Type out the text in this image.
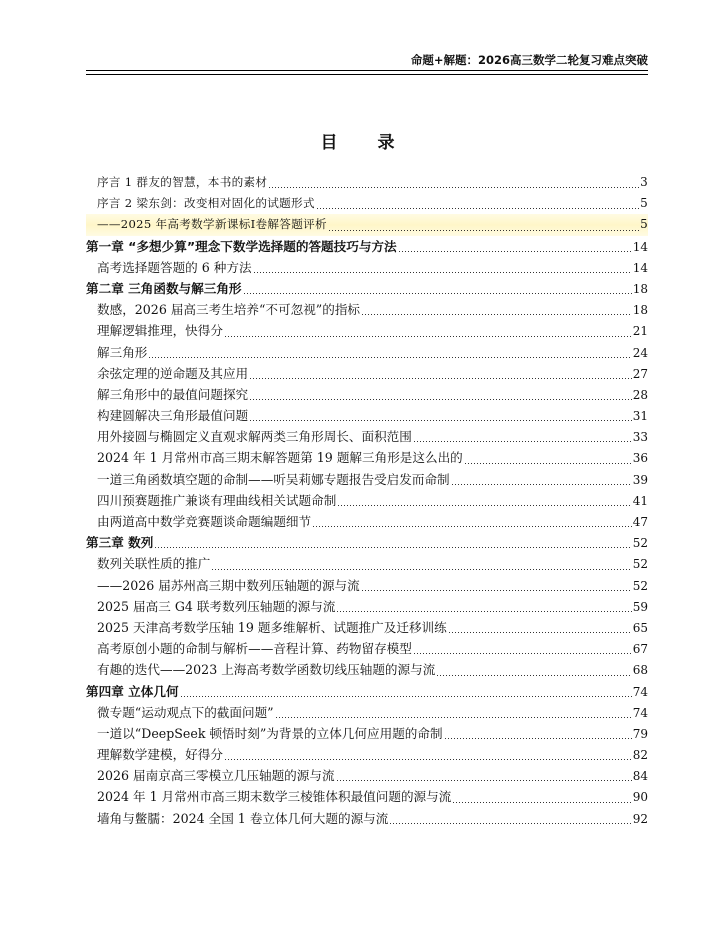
命题+解题：2026高三数学二轮复习难点突破
目录
序言 1 群友的智慧，本书的素材	3
序言 2 梁东剑：改变相对固化的试题形式	5
——2025 年高考数学新课标Ⅰ卷解答题评析	5
第一章 “多想少算”理念下数学选择题的答题技巧与方法	14
高考选择题答题的 6 种方法	14
第二章 三角函数与解三角形	18
数感，2026 届高三考生培养“不可忽视”的指标	18
理解逻辑推理，快得分	21
解三角形	24
余弦定理的逆命题及其应用	27
解三角形中的最值问题探究	28
构建圆解决三角形最值问题	31
用外接圆与椭圆定义直观求解两类三角形周长、面积范围	33
2024 年 1 月常州市高三期末解答题第 19 题解三角形是这么出的	36
一道三角函数填空题的命制——听吴莉娜专题报告受启发而命制	39
四川预赛题推广兼谈有理曲线相关试题命制	41
由两道高中数学竞赛题谈命题编题细节	47
第三章 数列	52
数列关联性质的推广	52
——2026 届苏州高三期中数列压轴题的源与流	52
2025 届高三 G4 联考数列压轴题的源与流	59
2025 天津高考数学压轴 19 题多维解析、试题推广及迁移训练	65
高考原创小题的命制与解析——音程计算、药物留存模型	67
有趣的迭代——2023 上海高考数学函数切线压轴题的源与流	68
第四章 立体几何	74
微专题“运动观点下的截面问题”	74
一道以“DeepSeek 顿悟时刻”为背景的立体几何应用题的命制	79
理解数学建模，好得分	82
2026 届南京高三零模立几压轴题的源与流	84
2024 年 1 月常州市高三期末数学三棱锥体积最值问题的源与流	90
墙角与鳖臑：2024 全国 1 卷立体几何大题的源与流	92
